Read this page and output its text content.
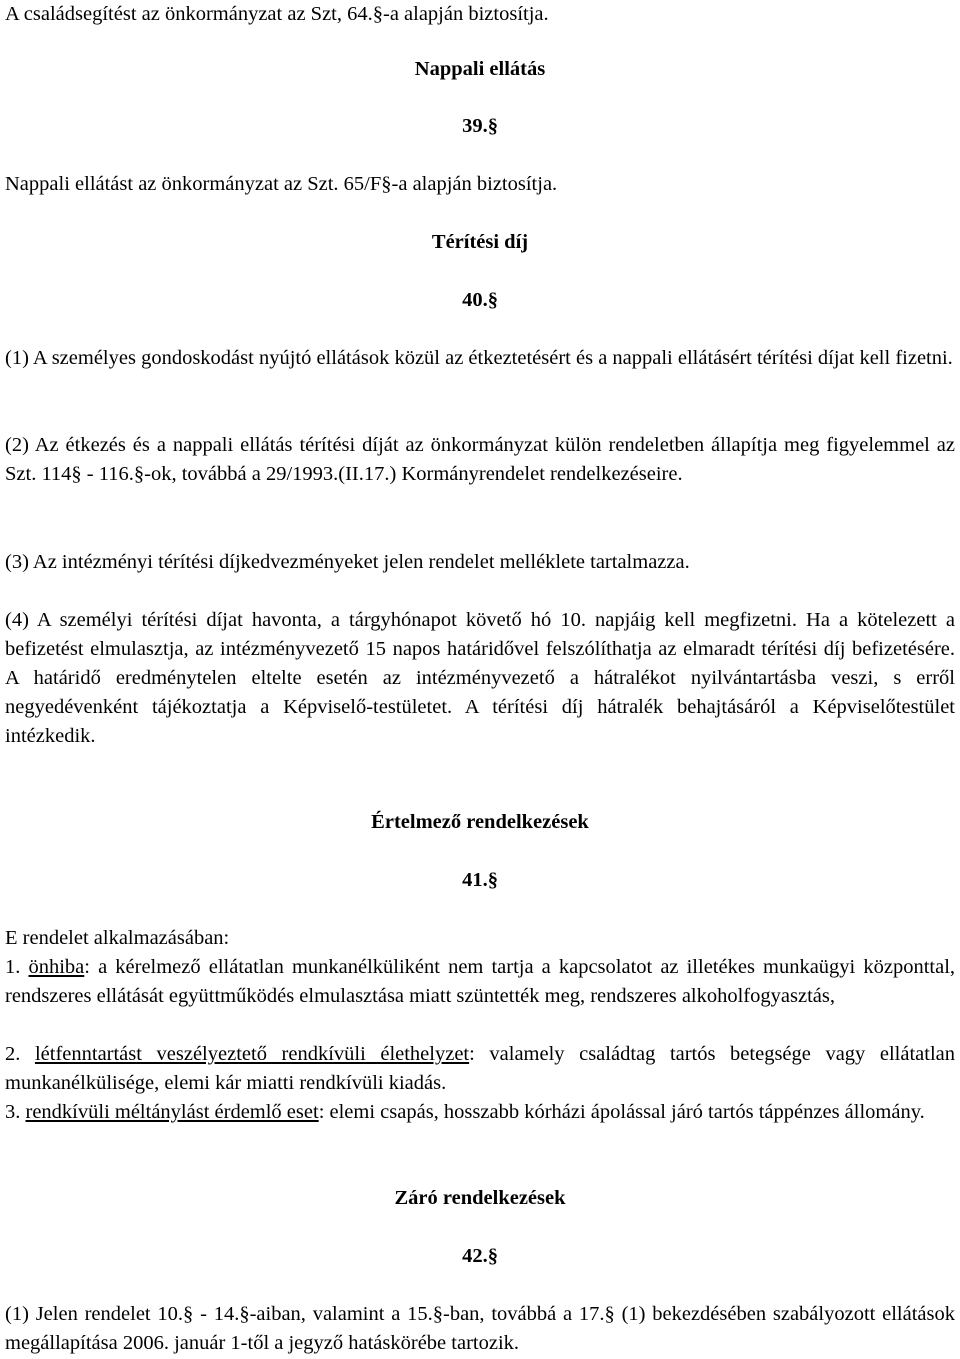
A családsegítést az önkormányzat az Szt, 64.§-a alapján biztosítja.

Nappali ellátás

39.§

Nappali ellátást az önkormányzat az Szt. 65/F§-a alapján biztosítja.

Térítési díj

40.§

(1) A személyes gondoskodást nyújtó ellátások közül az étkeztetésért és a nappali ellátásért térítési díjat kell fizetni.

(2) Az étkezés és a nappali ellátás térítési díját az önkormányzat külön rendeletben állapítja meg figyelemmel az Szt. 114§ - 116.§-ok, továbbá a 29/1993.(II.17.) Kormányrendelet rendelkezéseire.

(3) Az intézményi térítési díjkedvezményeket jelen rendelet melléklete tartalmazza.

(4) A személyi térítési díjat havonta, a tárgyhónapot követő hó 10. napjáig kell megfizetni. Ha a kötelezett a befizetést elmulasztja, az intézményvezető 15 napos határidővel felszólíthatja az elmaradt térítési díj befizetésére. A határidő eredménytelen eltelte esetén az intézményvezető a hátralékot nyilvántartásba veszi, s erről negyedévenként tájékoztatja a Képviselő-testületet. A térítési díj hátralék behajtásáról a Képviselőtestület intézkedik.

Értelmező rendelkezések

41.§

E rendelet alkalmazásában:

1. önhiba: a kérelmező ellátatlan munkanélküliként nem tartja a kapcsolatot az illetékes munkaügyi központtal, rendszeres ellátását együttműködés elmulasztása miatt szüntették meg, rendszeres alkoholfogyasztás,

2. létfenntartást veszélyeztető rendkívüli élethelyzet: valamely családtag tartós betegsége vagy ellátatlan munkanélkülisége, elemi kár miatti rendkívüli kiadás.

3. rendkívüli méltánylást érdemlő eset: elemi csapás, hosszabb kórházi ápolással járó tartós táppénzes állomány.

Záró rendelkezések

42.§

(1) Jelen rendelet 10.§ - 14.§-aiban, valamint a 15.§-ban, továbbá a 17.§ (1) bekezdésében szabályozott ellátások megállapítása 2006. január 1-től a jegyző hatáskörébe tartozik.
